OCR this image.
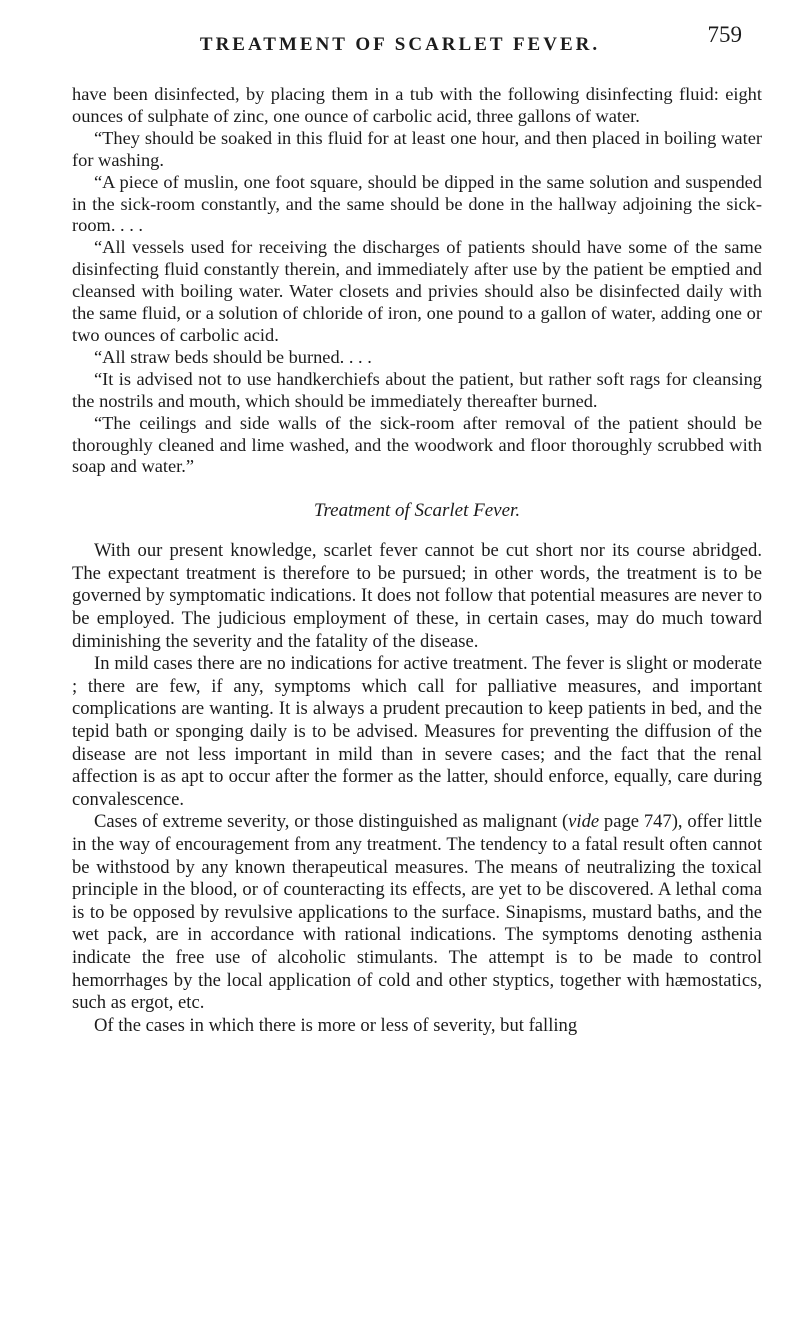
TREATMENT OF SCARLET FEVER.	759

have been disinfected, by placing them in a tub with the following disinfecting fluid: eight ounces of sulphate of zinc, one ounce of carbolic acid, three gallons of water.

“They should be soaked in this fluid for at least one hour, and then placed in boiling water for washing.

“A piece of muslin, one foot square, should be dipped in the same solution and suspended in the sick-room constantly, and the same should be done in the hallway adjoining the sick-room. . . .

“All vessels used for receiving the discharges of patients should have some of the same disinfecting fluid constantly therein, and immediately after use by the patient be emptied and cleansed with boiling water. Water closets and privies should also be disinfected daily with the same fluid, or a solution of chloride of iron, one pound to a gallon of water, adding one or two ounces of carbolic acid.

“All straw beds should be burned. . . .

“It is advised not to use handkerchiefs about the patient, but rather soft rags for cleansing the nostrils and mouth, which should be immediately thereafter burned.

“The ceilings and side walls of the sick-room after removal of the patient should be thoroughly cleaned and lime washed, and the woodwork and floor thoroughly scrubbed with soap and water.”

Treatment of Scarlet Fever.

With our present knowledge, scarlet fever cannot be cut short nor its course abridged. The expectant treatment is therefore to be pursued; in other words, the treatment is to be governed by symptomatic indications. It does not follow that potential measures are never to be employed. The judicious employment of these, in certain cases, may do much toward diminishing the severity and the fatality of the disease.

In mild cases there are no indications for active treatment. The fever is slight or moderate ; there are few, if any, symptoms which call for palliative measures, and important complications are wanting. It is always a prudent precaution to keep patients in bed, and the tepid bath or sponging daily is to be advised. Measures for preventing the diffusion of the disease are not less important in mild than in severe cases; and the fact that the renal affection is as apt to occur after the former as the latter, should enforce, equally, care during convalescence.

Cases of extreme severity, or those distinguished as malignant (vide page 747), offer little in the way of encouragement from any treatment. The tendency to a fatal result often cannot be withstood by any known therapeutical measures. The means of neutralizing the toxical principle in the blood, or of counteracting its effects, are yet to be discovered. A lethal coma is to be opposed by revulsive applications to the surface. Sinapisms, mustard baths, and the wet pack, are in accordance with rational indications. The symptoms denoting asthenia indicate the free use of alcoholic stimulants. The attempt is to be made to control hemorrhages by the local application of cold and other styptics, together with hæmostatics, such as ergot, etc.

Of the cases in which there is more or less of severity, but falling
